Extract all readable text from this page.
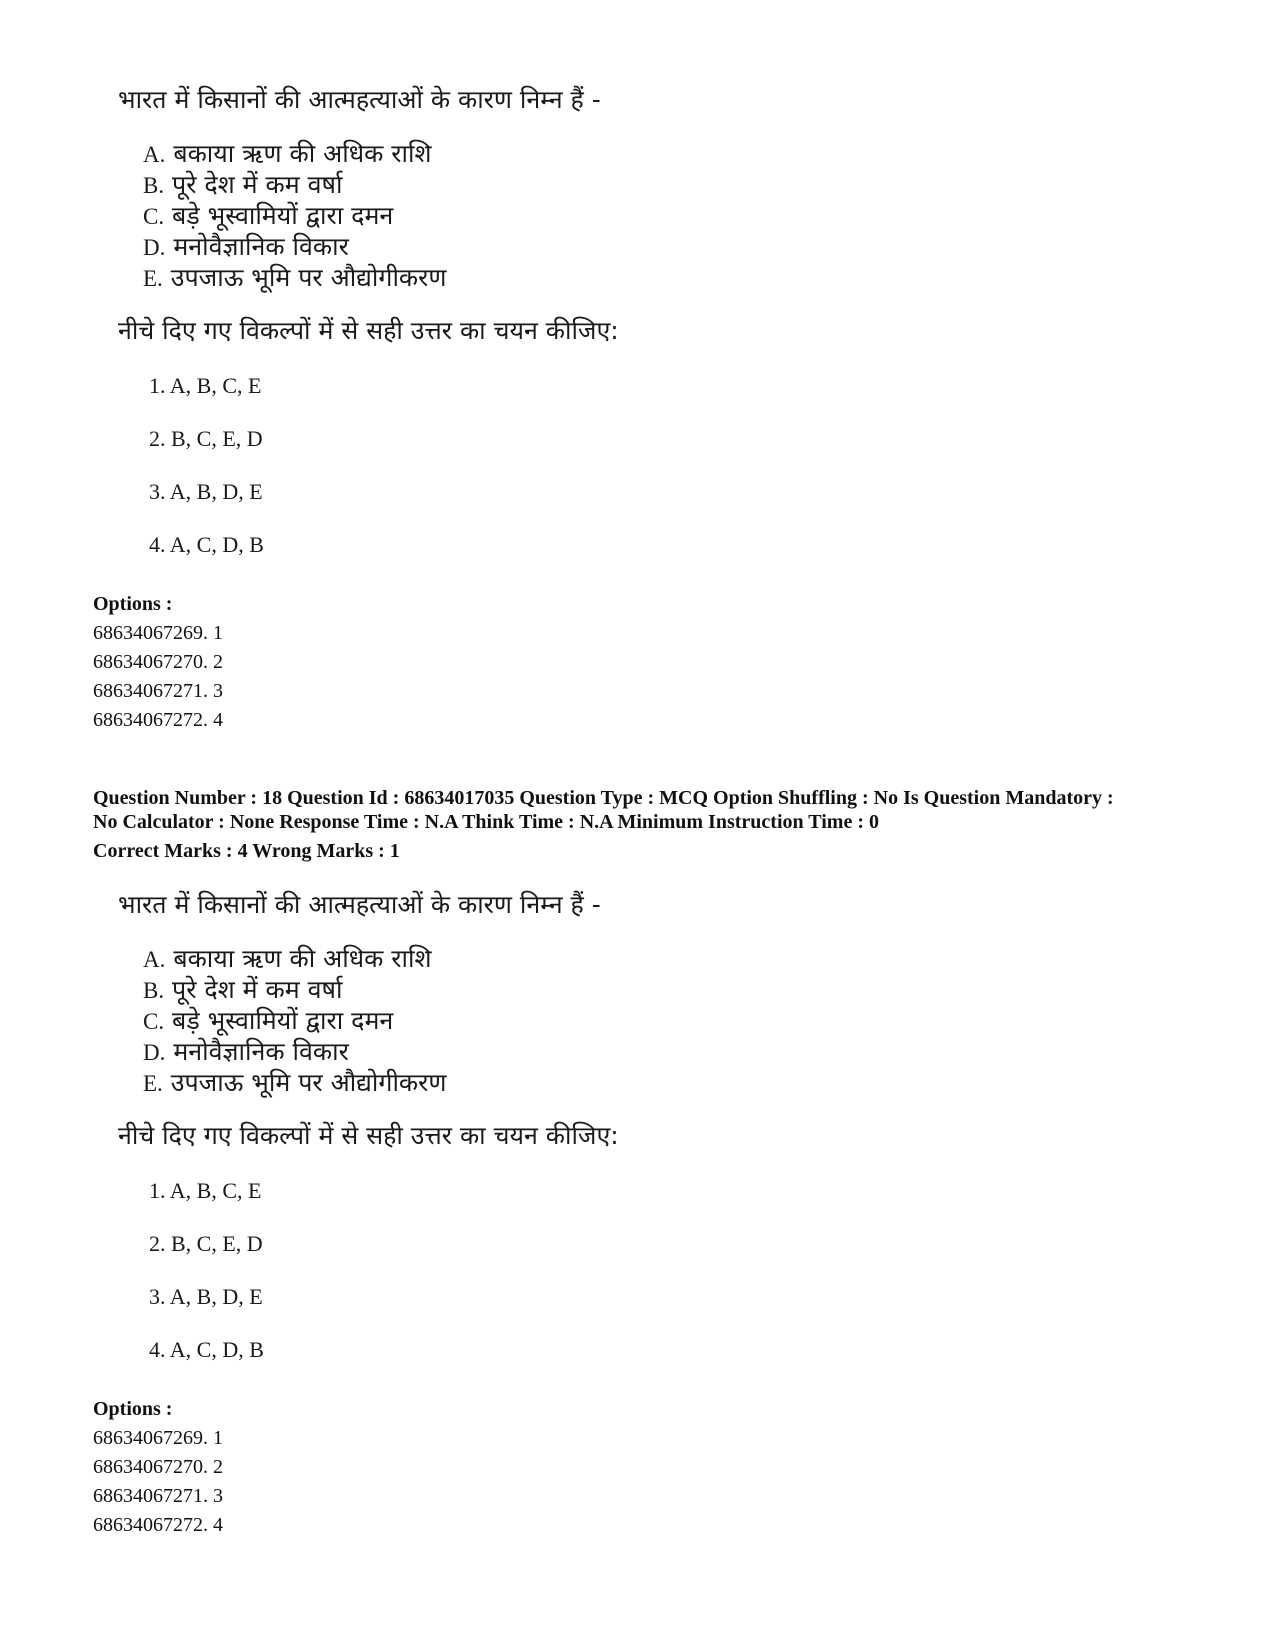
भारत में किसानों की आत्महत्याओं के कारण निम्न हैं -
A. बकाया ऋण की अधिक राशि
B. पूरे देश में कम वर्षा
C. बड़े भूस्वामियों द्वारा दमन
D. मनोवैज्ञानिक विकार
E. उपजाऊ भूमि पर औद्योगीकरण
नीचे दिए गए विकल्पों में से सही उत्तर का चयन कीजिए:
1. A, B, C, E
2. B, C, E, D
3. A, B, D, E
4. A, C, D, B
Options :
68634067269. 1
68634067270. 2
68634067271. 3
68634067272. 4
Question Number : 18 Question Id : 68634017035 Question Type : MCQ Option Shuffling : No Is Question Mandatory :
No Calculator : None Response Time : N.A Think Time : N.A Minimum Instruction Time : 0
Correct Marks : 4 Wrong Marks : 1
भारत में किसानों की आत्महत्याओं के कारण निम्न हैं -
A. बकाया ऋण की अधिक राशि
B. पूरे देश में कम वर्षा
C. बड़े भूस्वामियों द्वारा दमन
D. मनोवैज्ञानिक विकार
E. उपजाऊ भूमि पर औद्योगीकरण
नीचे दिए गए विकल्पों में से सही उत्तर का चयन कीजिए:
1. A, B, C, E
2. B, C, E, D
3. A, B, D, E
4. A, C, D, B
Options :
68634067269. 1
68634067270. 2
68634067271. 3
68634067272. 4
